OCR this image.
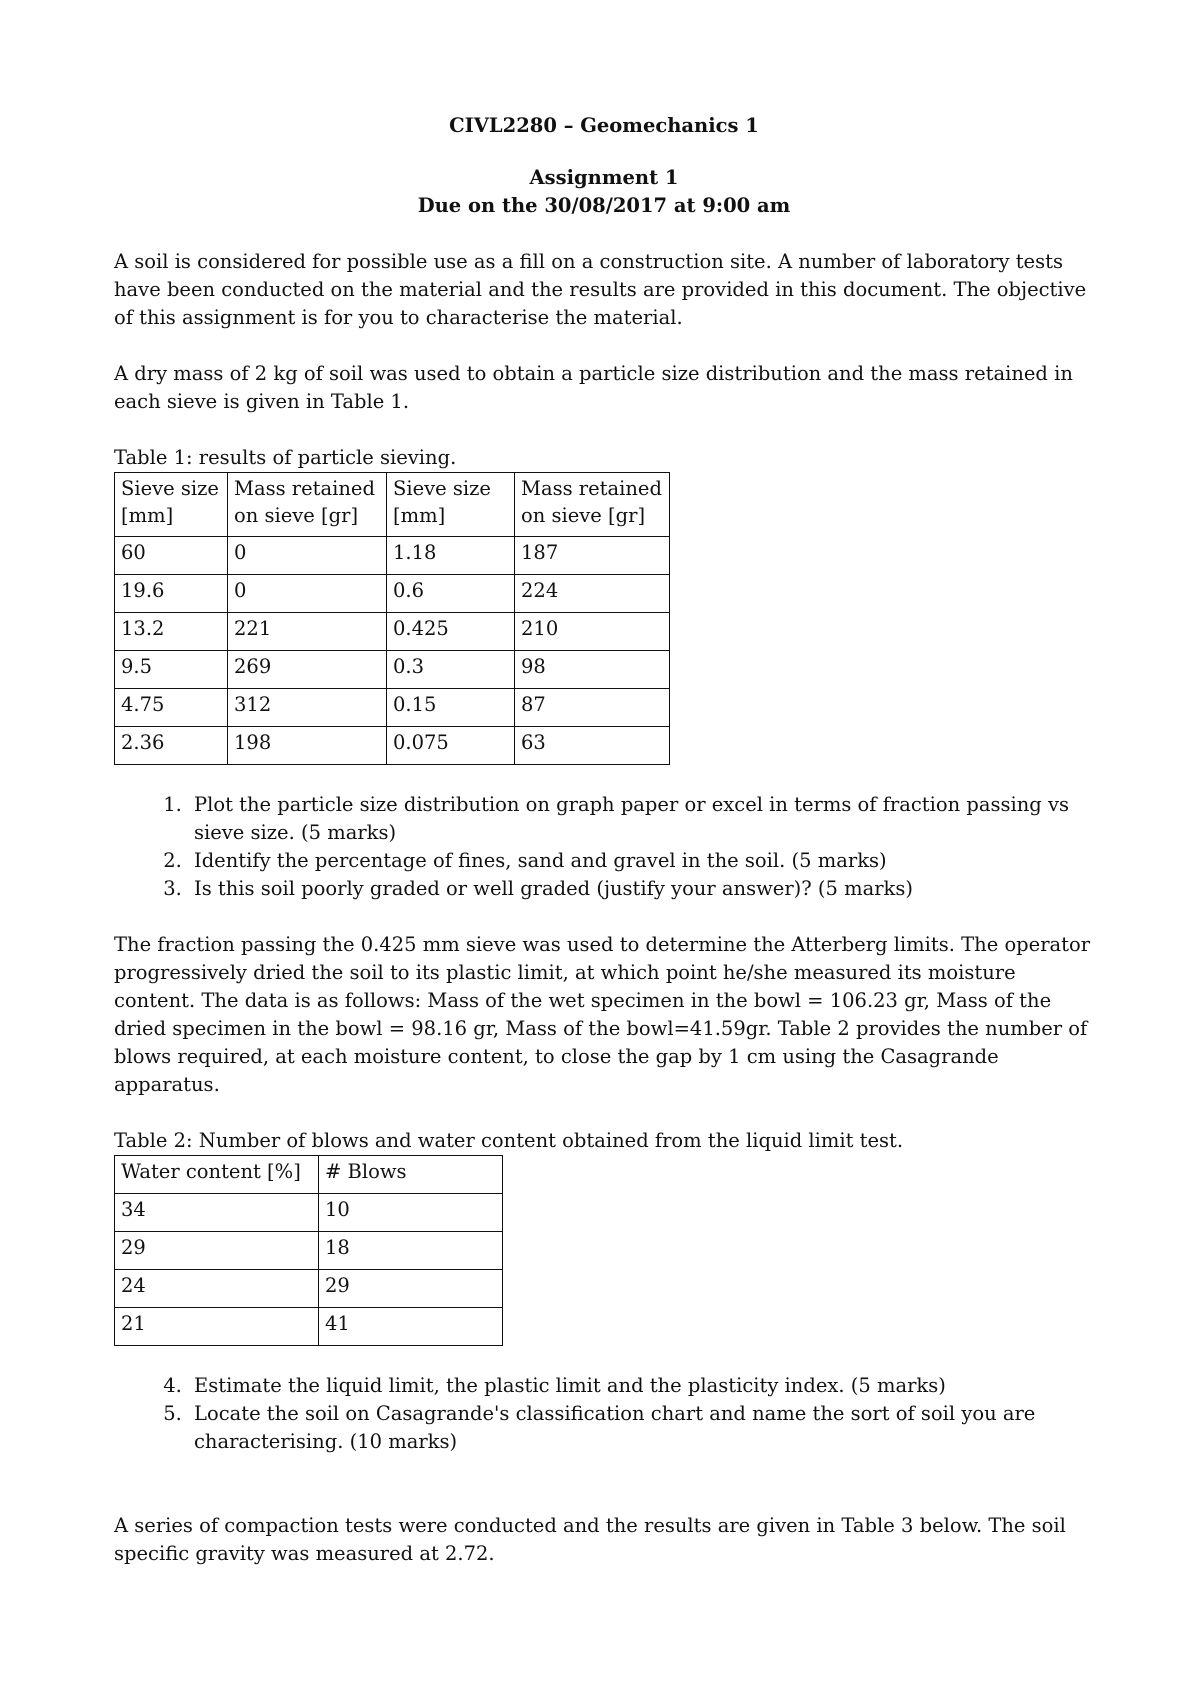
CIVL2280 – Geomechanics 1

Assignment 1

Due on the 30/08/2017 at 9:00 am

A soil is considered for possible use as a fill on a construction site. A number of laboratory tests have been conducted on the material and the results are provided in this document. The objective of this assignment is for you to characterise the material.

A dry mass of 2 kg of soil was used to obtain a particle size distribution and the mass retained in each sieve is given in Table 1.

Table 1: results of particle sieving.

Sieve size [mm]	Mass retained on sieve [gr]	Sieve size [mm]	Mass retained on sieve [gr]
60	0	1.18	187
19.6	0	0.6	224
13.2	221	0.425	210
9.5	269	0.3	98
4.75	312	0.15	87
2.36	198	0.075	63
1. Plot the particle size distribution on graph paper or excel in terms of fraction passing vs sieve size. (5 marks)
2. Identify the percentage of fines, sand and gravel in the soil. (5 marks)
3. Is this soil poorly graded or well graded (justify your answer)? (5 marks)

The fraction passing the 0.425 mm sieve was used to determine the Atterberg limits. The operator progressively dried the soil to its plastic limit, at which point he/she measured its moisture content. The data is as follows: Mass of the wet specimen in the bowl = 106.23 gr, Mass of the dried specimen in the bowl = 98.16 gr, Mass of the bowl=41.59gr. Table 2 provides the number of blows required, at each moisture content, to close the gap by 1 cm using the Casagrande apparatus.

Table 2: Number of blows and water content obtained from the liquid limit test.

Water content [%]	# Blows
34	10
29	18
24	29
21	41
4. Estimate the liquid limit, the plastic limit and the plasticity index. (5 marks)
5. Locate the soil on Casagrande's classification chart and name the sort of soil you are characterising. (10 marks)

A series of compaction tests were conducted and the results are given in Table 3 below. The soil specific gravity was measured at 2.72.
